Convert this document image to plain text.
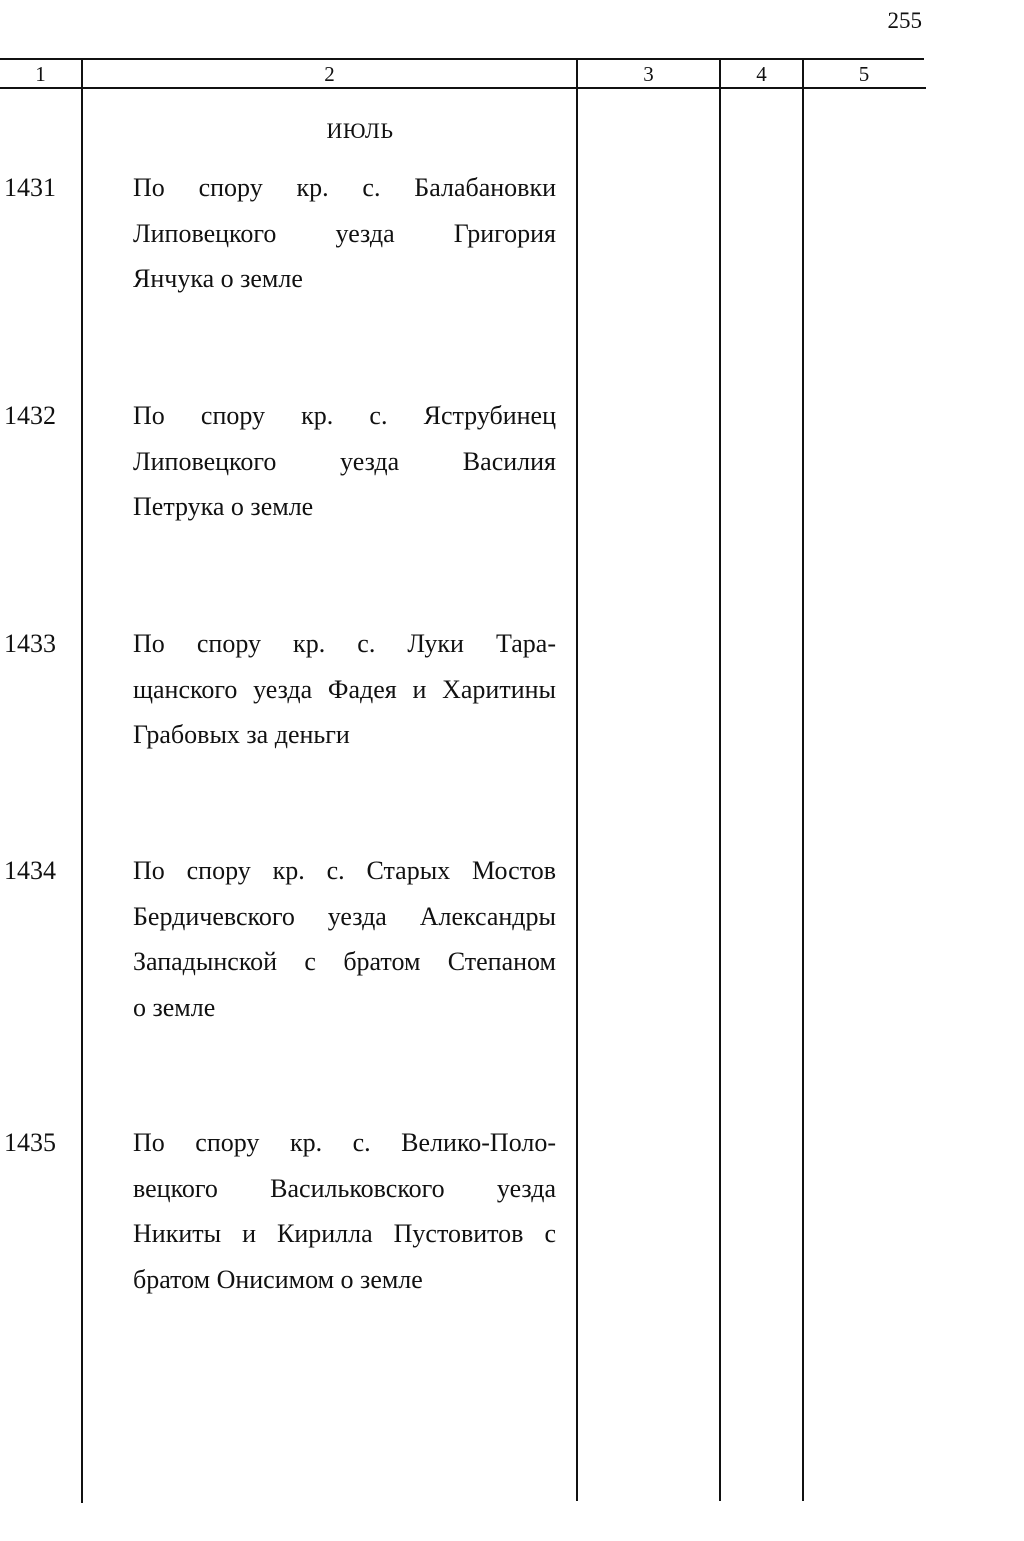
255
1	2	3	4	5
ИЮЛЬ
1431	По спору кр. с. Балабановки
Липовецкого уезда Григория
Янчука о земле
1432	По спору кр. с. Яструбинец
Липовецкого уезда Василия
Петрука о земле
1433	По спору кр. с. Луки Тара-
щанского уезда Фадея и Харитины
Грабовых за деньги
1434	По спору кр. с. Старых Мостов
Бердичевского уезда Александры
Западынской с братом Степаном
о земле
1435	По спору кр. с. Велико-Поло-
вецкого Васильковского уезда
Никиты и Кирилла Пустовитов с
братом Онисимом о земле
